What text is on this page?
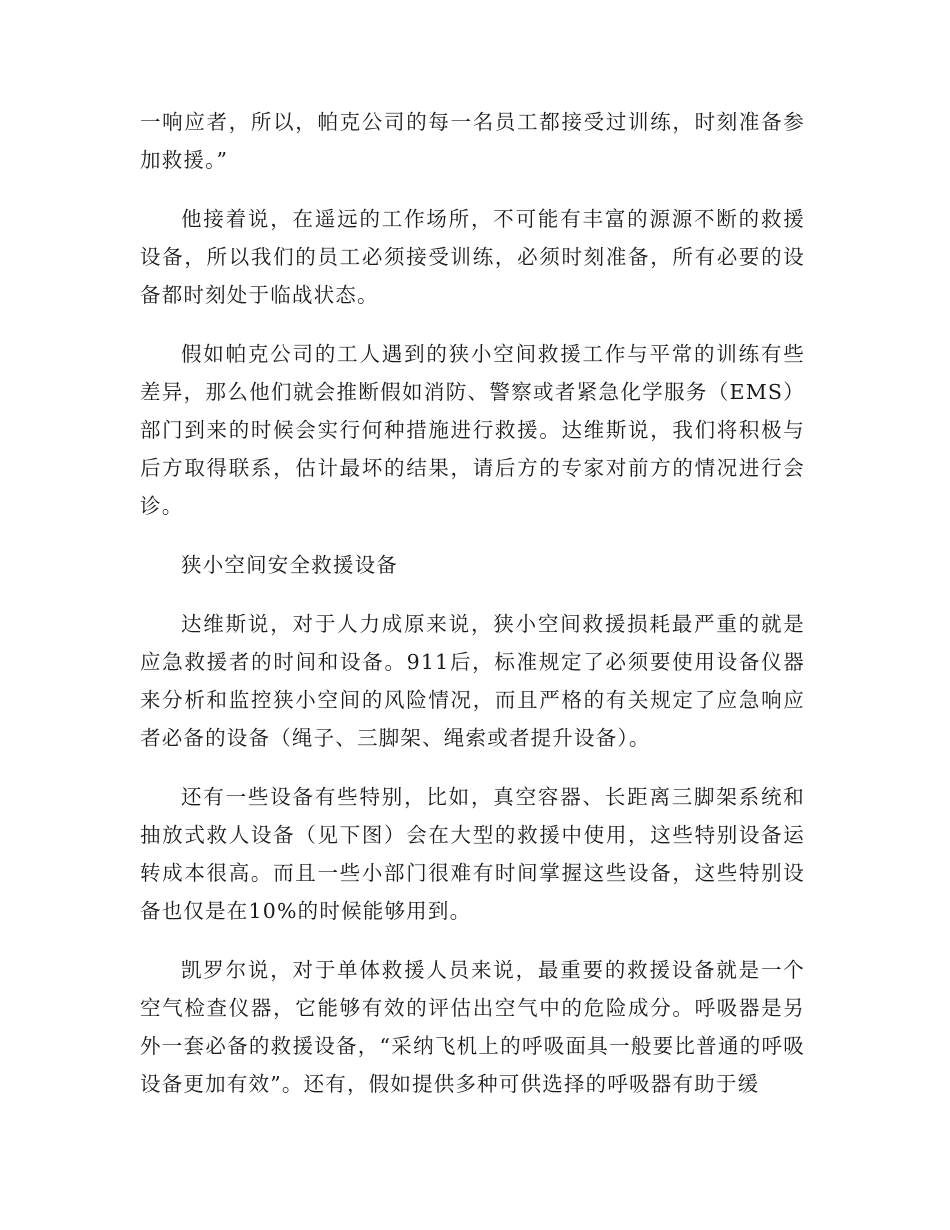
一响应者，所以，帕克公司的每一名员工都接受过训练，时刻准备参加救援。”

他接着说，在遥远的工作场所，不可能有丰富的源源不断的救援设备，所以我们的员工必须接受训练，必须时刻准备，所有必要的设备都时刻处于临战状态。

假如帕克公司的工人遇到的狭小空间救援工作与平常的训练有些差异，那么他们就会推断假如消防、警察或者紧急化学服务（EMS）部门到来的时候会实行何种措施进行救援。达维斯说，我们将积极与后方取得联系，估计最坏的结果，请后方的专家对前方的情况进行会诊。

狭小空间安全救援设备

达维斯说，对于人力成原来说，狭小空间救援损耗最严重的就是应急救援者的时间和设备。911后，标准规定了必须要使用设备仪器来分析和监控狭小空间的风险情况，而且严格的有关规定了应急响应者必备的设备（绳子、三脚架、绳索或者提升设备）。

还有一些设备有些特别，比如，真空容器、长距离三脚架系统和抽放式救人设备（见下图）会在大型的救援中使用，这些特别设备运转成本很高。而且一些小部门很难有时间掌握这些设备，这些特别设备也仅是在10%的时候能够用到。

凯罗尔说，对于单体救援人员来说，最重要的救援设备就是一个空气检查仪器，它能够有效的评估出空气中的危险成分。呼吸器是另外一套必备的救援设备，“采纳飞机上的呼吸面具一般要比普通的呼吸设备更加有效”。还有，假如提供多种可供选择的呼吸器有助于缓
